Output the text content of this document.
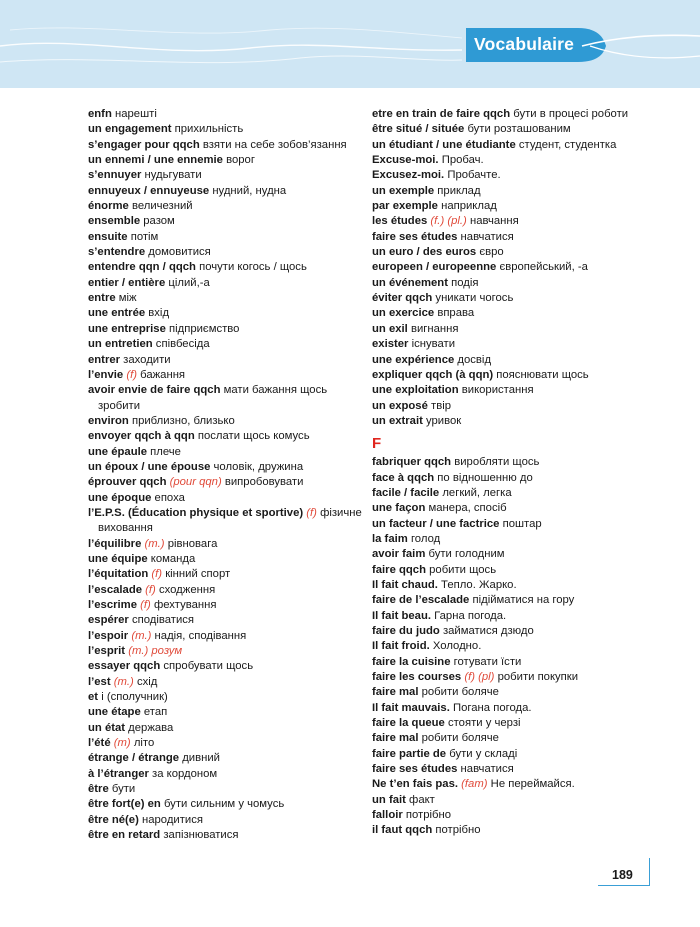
Vocabulaire
enfn нарешті
un engagement прихильність
s’engager pour qqch взяти на себе зобов’язання
un ennemi / une ennemie ворог
s’ennuyer нудьгувати
ennuyeux / ennuyeuse нудний, нудна
énorme величезний
ensemble разом
ensuite потім
s’entendre домовитися
entendre qqn / qqch почути когось / щось
entier / entière цілий,-а
entre між
une entrée вхід
une entreprise підприємство
un entretien співбесіда
entrer заходити
l’envie (f) бажання
avoir envie de faire qqch мати бажання щось
зробити
environ приблизно, близько
envoyer qqch à qqn послати щось комусь
une épaule плече
un époux / une épouse чоловік, дружина
éprouver qqch (pour qqn) випробовувати
une époque епоха
l’E.P.S. (Éducation physique et sportive) (f) фізичне
виховання
l’équilibre (m.) рівновага
une équipe команда
l’équitation (f) кінний спорт
l’escalade (f) сходження
l’escrime (f) фехтування
espérer сподіватися
l’espoir (m.) надія, сподівання
l’esprit (m.) розум
essayer qqch спробувати щось
l’est (m.) схід
et і (сполучник)
une étape етап
un état держава
l’été (m) літо
étrange / étrange дивний
à l’étranger за кордоном
être бути
être fort(e) en бути сильним у чомусь
être né(e) народитися
être en retard запізнюватися
etre en train de faire qqch бути в процесі роботи
être situé / située бути розташованим
un étudiant / une étudiante студент, студентка
Excuse-moi. Пробач.
Excusez-moi. Пробачте.
un exemple приклад
par exemple наприклад
les études (f.) (pl.) навчання
faire ses études навчатися
un euro / des euros євро
europeen / europeenne європейський, -а
un événement подія
éviter qqch уникати чогось
un exercice вправа
un exil вигнання
exister існувати
une expérience досвід
expliquer qqch (à qqn) пояснювати щось
une exploitation використання
un exposé твір
un extrait уривок
F
fabriquer qqch виробляти щось
face à qqch по відношенню до
facile / facile легкий, легка
une façon манера, спосіб
un facteur / une factrice поштар
la faim голод
avoir faim бути голодним
faire qqch робити щось
Il fait chaud. Тепло. Жарко.
faire de l’escalade підійматися на гору
Il fait beau. Гарна погода.
faire du judo займатися дзюдо
Il fait froid. Холодно.
faire la cuisine готувати їсти
faire les courses (f) (pl) робити покупки
faire mal робити боляче
Il fait mauvais. Погана погода.
faire la queue стояти у черзі
faire mal робити боляче
faire partie de бути у складі
faire ses études навчатися
Ne t’en fais pas. (fam) Не переймайся.
un fait факт
falloir потрібно
il faut qqch потрібно
189
